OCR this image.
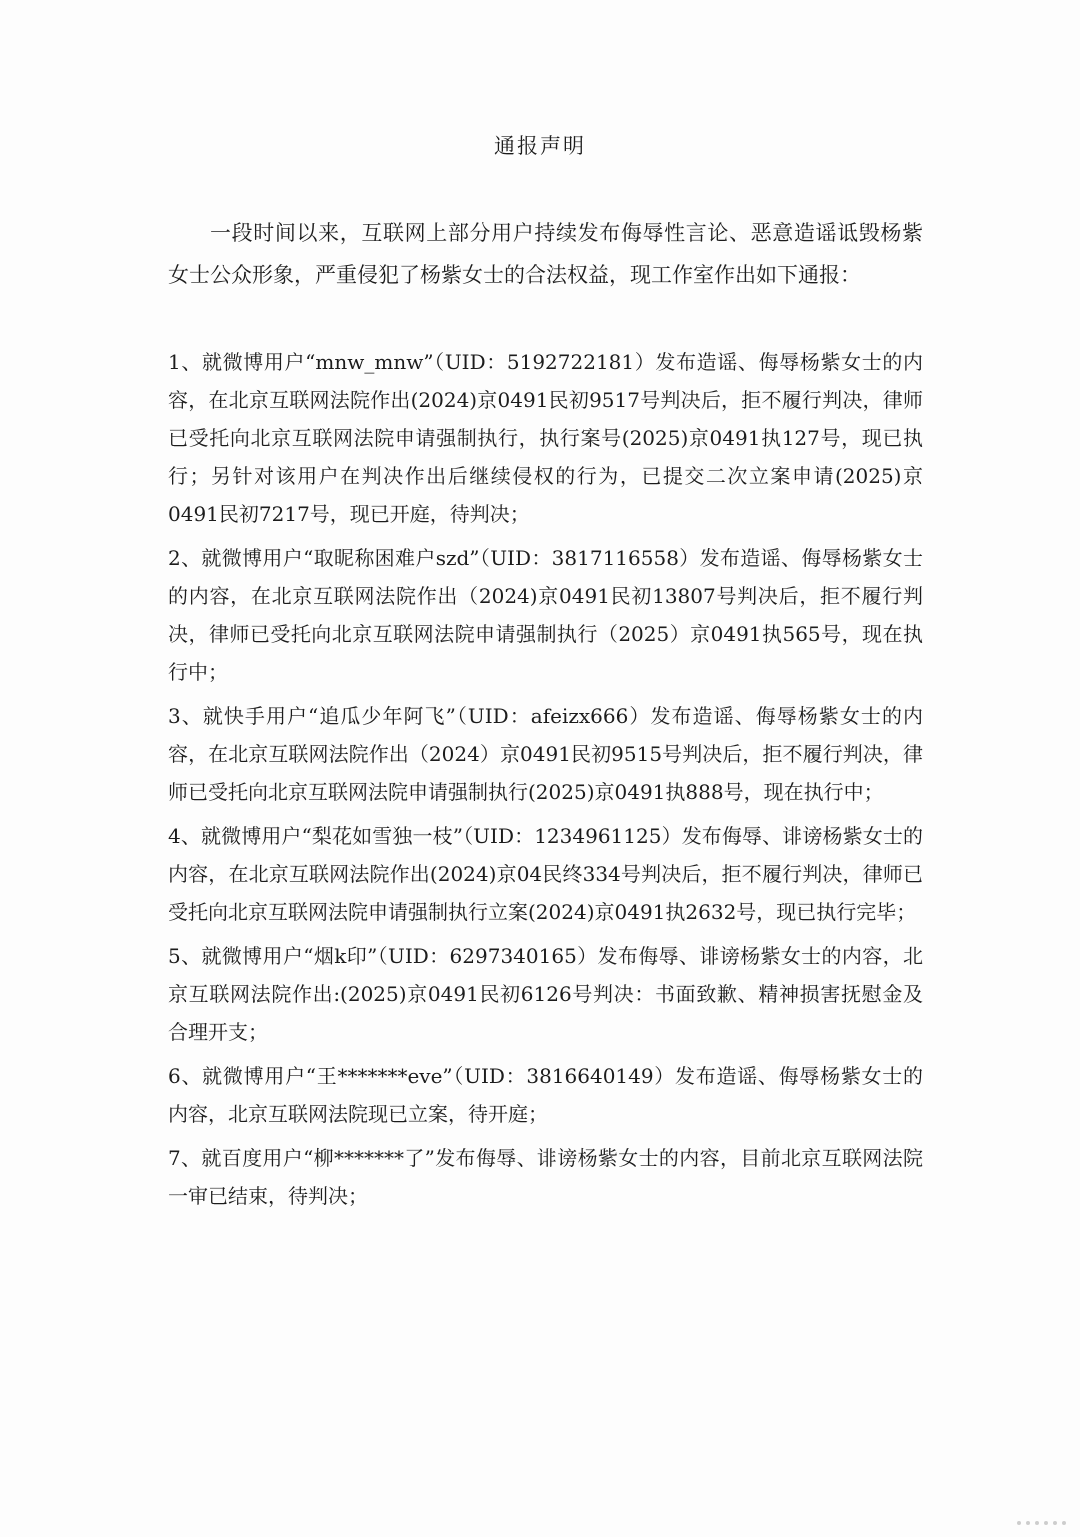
通报声明
一段时间以来，互联网上部分用户持续发布侮辱性言论、恶意造谣诋毁杨紫女士公众形象，严重侵犯了杨紫女士的合法权益，现工作室作出如下通报：

1、就微博用户“mnw_mnw”（UID：5192722181）发布造谣、侮辱杨紫女士的内容，在北京互联网法院作出(2024)京0491民初9517号判决后，拒不履行判决，律师已受托向北京互联网法院申请强制执行，执行案号(2025)京0491执127号，现已执行；另针对该用户在判决作出后继续侵权的行为，已提交二次立案申请(2025)京0491民初7217号，现已开庭，待判决；

2、就微博用户“取昵称困难户szd”（UID：3817116558）发布造谣、侮辱杨紫女士的内容，在北京互联网法院作出（2024)京0491民初13807号判决后，拒不履行判决，律师已受托向北京互联网法院申请强制执行（2025）京0491执565号，现在执行中；

3、就快手用户“追瓜少年阿飞”（UID：afeizx666）发布造谣、侮辱杨紫女士的内容，在北京互联网法院作出（2024）京0491民初9515号判决后，拒不履行判决，律师已受托向北京互联网法院申请强制执行(2025)京0491执888号，现在执行中；

4、就微博用户“梨花如雪独一枝”（UID：1234961125）发布侮辱、诽谤杨紫女士的内容，在北京互联网法院作出(2024)京04民终334号判决后，拒不履行判决，律师已受托向北京互联网法院申请强制执行立案(2024)京0491执2632号，现已执行完毕；

5、就微博用户“烟k印”（UID：6297340165）发布侮辱、诽谤杨紫女士的内容，北京互联网法院作出:(2025)京0491民初6126号判决：书面致歉、精神损害抚慰金及合理开支；

6、就微博用户“王*******eve”（UID：3816640149）发布造谣、侮辱杨紫女士的内容，北京互联网法院现已立案，待开庭；

7、就百度用户“柳*******了”发布侮辱、诽谤杨紫女士的内容，目前北京互联网法院一审已结束，待判决；
